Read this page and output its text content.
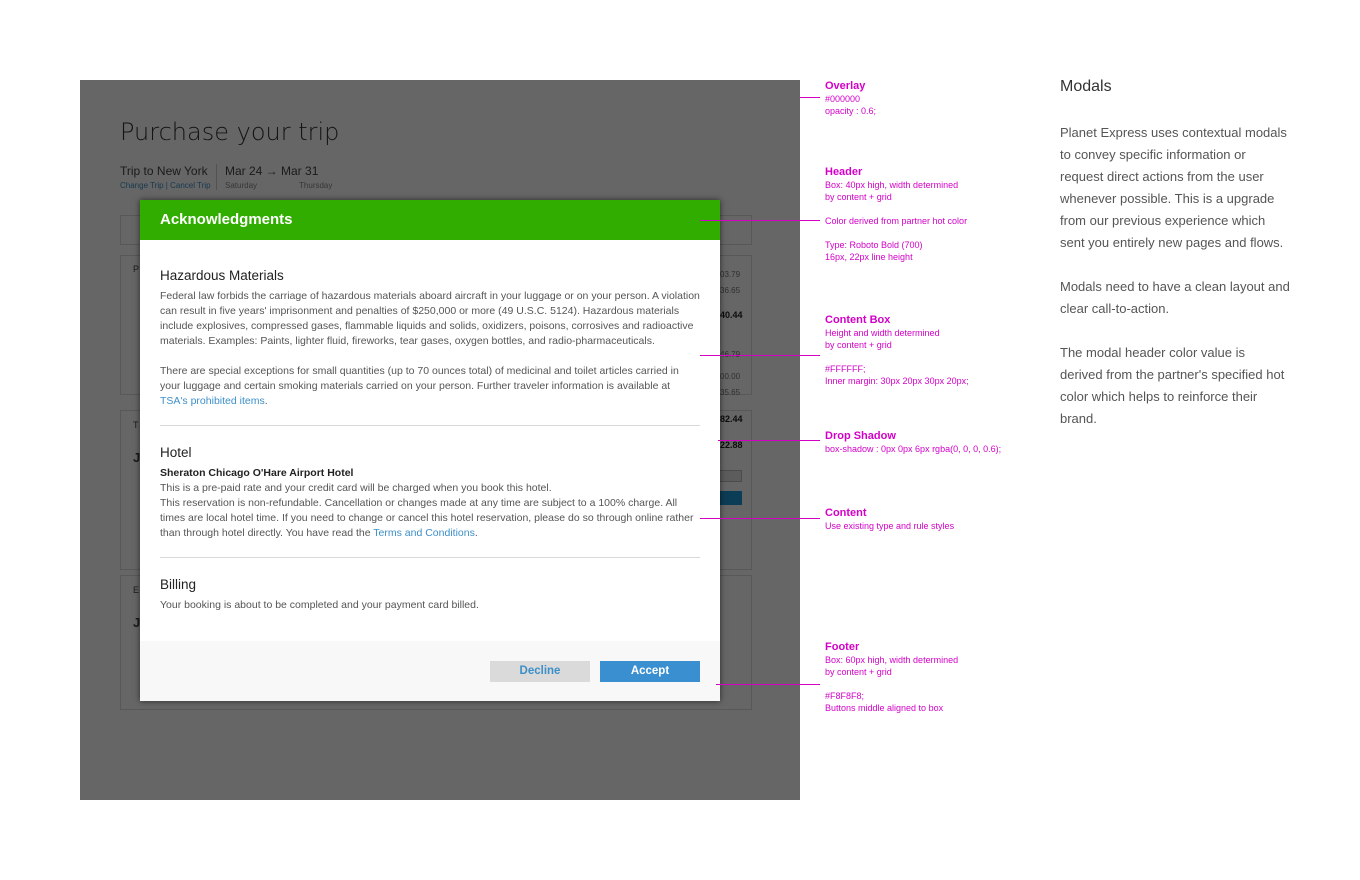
Acknowledgments
Hazardous Materials

Federal law forbids the carriage of hazardous materials aboard aircraft in your luggage or on your person. A violation can result in five years' imprisonment and penalties of $250,000 or more (49 U.S.C. 5124). Hazardous materials include explosives, compressed gases, flammable liquids and solids, oxidizers, poisons, corrosives and radioactive materials. Examples: Paints, lighter fluid, fireworks, tear gases, oxygen bottles, and radio-pharmaceuticals.

There are special exceptions for small quantities (up to 70 ounces total) of medicinal and toilet articles carried in your luggage and certain smoking materials carried on your person. Further traveler information is available at TSA's prohibited items.

Hotel
Sheraton Chicago O'Hare Airport Hotel

This is a pre-paid rate and your credit card will be charged when you book this hotel.
This reservation is non-refundable. Cancellation or changes made at any time are subject to a 100% charge. All times are local hotel time. If you need to change or cancel this hotel reservation, please do so through online rather than through hotel directly. You have read the Terms and Conditions.

Billing

Your booking is about to be completed and your payment card billed.

Decline	Accept
Overlay
#000000
opacity : 0.6;
Header
Box: 40px high, width determined
by content + grid
Color derived from partner hot color
Type: Roboto Bold (700)
16px, 22px line height
Content Box
Height and width determined
by content + grid
#FFFFFF;
Inner margin: 30px 20px 30px 20px;
Drop Shadow
box-shadow : 0px 0px 6px rgba(0, 0, 0, 0.6);
Content
Use existing type and rule styles
Footer
Box: 60px high, width determined
by content + grid
#F8F8F8;
Buttons middle aligned to box
Modals

Planet Express uses contextual modals to convey specific information or request direct actions from the user whenever possible. This is a upgrade from our previous experience which sent you entirely new pages and flows.

Modals need to have a clean layout and clear call-to-action.

The modal header color value is derived from the partner's specified hot color which helps to reinforce their brand.
